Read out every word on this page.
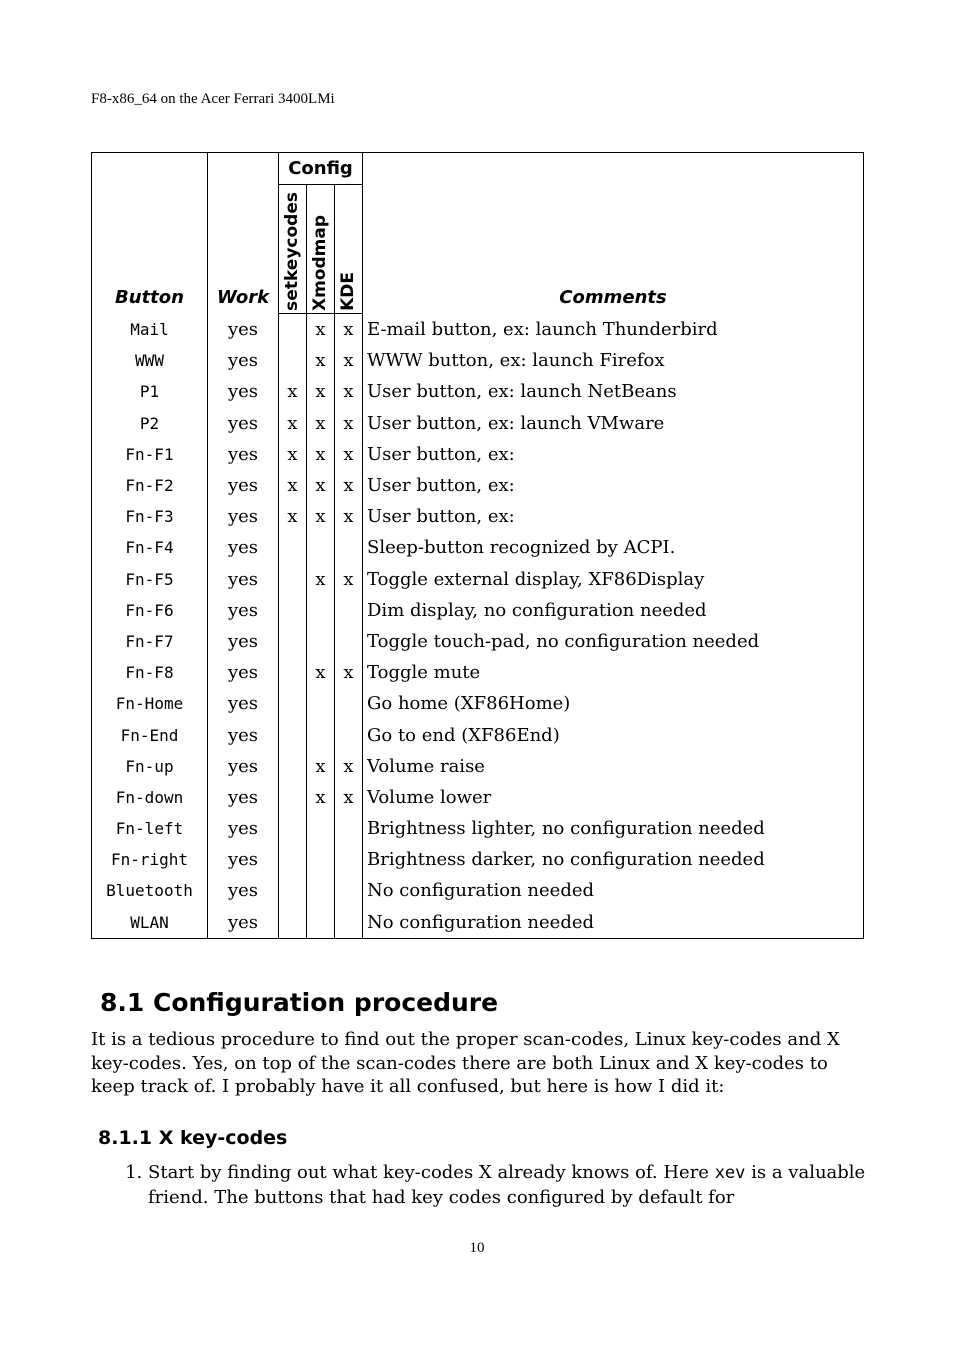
F8-x86_64 on the Acer Ferrari 3400LMi
Button	Work	Config			Comments

		setkeycodes	Xmodmap	KDE	

Mail	yes		x	x	E-mail button, ex: launch Thunderbird
WWW	yes		x	x	WWW button, ex: launch Firefox
P1	yes	x	x	x	User button, ex: launch NetBeans
P2	yes	x	x	x	User button, ex: launch VMware
Fn-F1	yes	x	x	x	User button, ex:
Fn-F2	yes	x	x	x	User button, ex:
Fn-F3	yes	x	x	x	User button, ex:
Fn-F4	yes				Sleep-button recognized by ACPI.
Fn-F5	yes		x	x	Toggle external display, XF86Display
Fn-F6	yes				Dim display, no configuration needed
Fn-F7	yes				Toggle touch-pad, no configuration needed
Fn-F8	yes		x	x	Toggle mute
Fn-Home	yes				Go home (XF86Home)
Fn-End	yes				Go to end (XF86End)
Fn-up	yes		x	x	Volume raise
Fn-down	yes		x	x	Volume lower
Fn-left	yes				Brightness lighter, no configuration needed
Fn-right	yes				Brightness darker, no configuration needed
Bluetooth	yes				No configuration needed
WLAN	yes				No configuration needed
8.1 Configuration procedure

It is a tedious procedure to find out the proper scan-codes, Linux key-codes and X key-codes. Yes, on top of the scan-codes there are both Linux and X key-codes to keep track of. I probably have it all confused, but here is how I did it:

8.1.1 X key-codes
1. Start by finding out what key-codes X already knows of. Here xev is a valuable friend. The buttons that had key codes configured by default for
10
